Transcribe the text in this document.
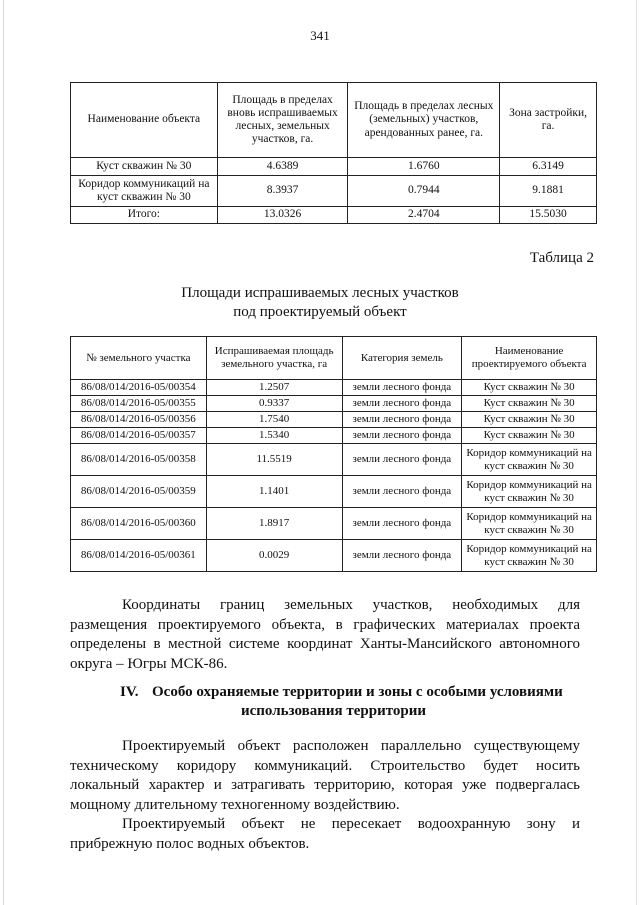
341
Наименование объекта	Площадь в пределах вновь испрашиваемых лесных, земельных участков, га.	Площадь в пределах лесных (земельных) участков, арендованных ранее, га.	Зона застройки, га.
Куст скважин № 30	4.6389	1.6760	6.3149
Коридор коммуникаций на куст скважин № 30	8.3937	0.7944	9.1881
Итого:	13.0326	2.4704	15.5030
Таблица 2
Площади испрашиваемых лесных участков
под проектируемый объект
№ земельного участка	Испрашиваемая площадь земельного участка, га	Категория земель	Наименование проектируемого объекта
86/08/014/2016-05/00354	1.2507	земли лесного фонда	Куст скважин № 30
86/08/014/2016-05/00355	0.9337	земли лесного фонда	Куст скважин № 30
86/08/014/2016-05/00356	1.7540	земли лесного фонда	Куст скважин № 30
86/08/014/2016-05/00357	1.5340	земли лесного фонда	Куст скважин № 30
86/08/014/2016-05/00358	11.5519	земли лесного фонда	Коридор коммуникаций на куст скважин № 30
86/08/014/2016-05/00359	1.1401	земли лесного фонда	Коридор коммуникаций на куст скважин № 30
86/08/014/2016-05/00360	1.8917	земли лесного фонда	Коридор коммуникаций на куст скважин № 30
86/08/014/2016-05/00361	0.0029	земли лесного фонда	Коридор коммуникаций на куст скважин № 30
Координаты границ земельных участков, необходимых для
размещения проектируемого объекта, в графических материалах проекта
определены в местной системе координат Ханты-Мансийского автономного
округа – Югры МСК-86.
IV. Особо охраняемые территории и зоны с особыми условиями
использования территории
Проектируемый объект расположен параллельно существующему
техническому коридору коммуникаций. Строительство будет носить
локальный характер и затрагивать территорию, которая уже подвергалась
мощному длительному техногенному воздействию.
Проектируемый объект не пересекает водоохранную зону и
прибрежную полос водных объектов.
